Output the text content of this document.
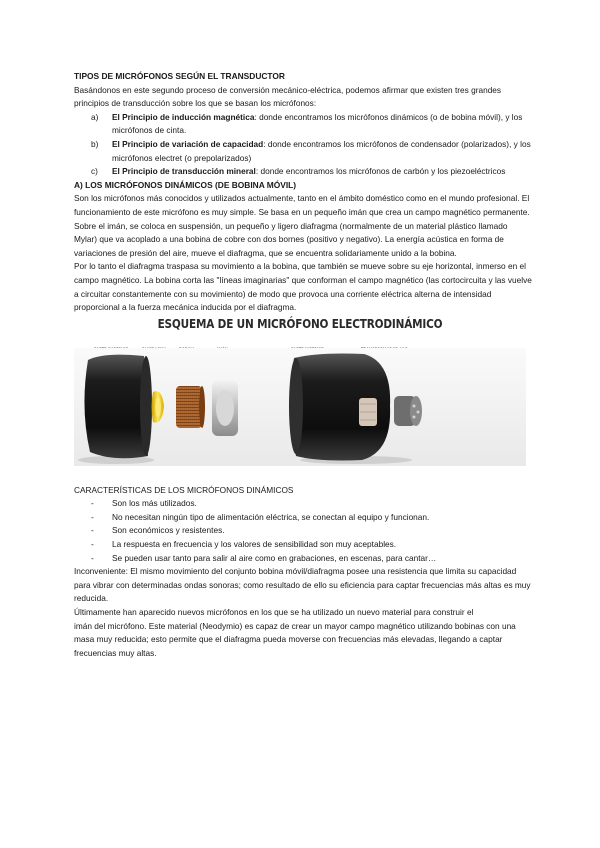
TIPOS DE MICRÓFONOS SEGÚN EL TRANSDUCTOR

Basándonos en este segundo proceso de conversión mecánico-eléctrica, podemos afirmar que existen tres grandes principios de transducción sobre los que se basan los micrófonos:

a) El Principio de inducción magnética: donde encontramos los micrófonos dinámicos (o de bobina móvil), y los micrófonos de cinta.
b) El Principio de variación de capacidad: donde encontramos los micrófonos de condensador (polarizados), y los micrófonos electret (o prepolarizados)
c) El Principio de transducción mineral: donde encontramos los micrófonos de carbón y los piezoeléctricos

A) LOS MICRÓFONOS DINÁMICOS (DE BOBINA MÓVIL)

Son los micrófonos más conocidos y utilizados actualmente, tanto en el ámbito doméstico como en el mundo profesional. El funcionamiento de este micrófono es muy simple. Se basa en un pequeño imán que crea un campo magnético permanente. Sobre el imán, se coloca en suspensión, un pequeño y ligero diafragma (normalmente de un material plástico llamado Mylar) que va acoplado a una bobina de cobre con dos bornes (positivo y negativo). La energía acústica en forma de variaciones de presión del aire, mueve el diafragma, que se encuentra solidariamente unido a la bobina.

Por lo tanto el diafragma traspasa su movimiento a la bobina, que también se mueve sobre su eje horizontal, inmerso en el campo magnético. La bobina corta las "líneas imaginarias" que conforman el campo magnético (las cortocircuita y las vuelve a circuitar constantemente con su movimiento) de modo que provoca una corriente eléctrica alterna de intensidad proporcional a la fuerza mecánica inducida por el diafragma.

ESQUEMA DE UN MICRÓFONO ELECTRODINÁMICO

CARACTERÍSTICAS DE LOS MICRÓFONOS DINÁMICOS

- Son los más utilizados.
- No necesitan ningún tipo de alimentación eléctrica, se conectan al equipo y funcionan.
- Son económicos y resistentes.
- La respuesta en frecuencia y los valores de sensibilidad son muy aceptables.
- Se pueden usar tanto para salir al aire como en grabaciones, en escenas, para cantar…

Inconveniente: El mismo movimiento del conjunto bobina móvil/diafragma posee una resistencia que limita su capacidad para vibrar con determinadas ondas sonoras; como resultado de ello su eficiencia para captar frecuencias más altas es muy reducida.

Últimamente han aparecido nuevos micrófonos en los que se ha utilizado un nuevo material para construir el

imán del micrófono. Este material (Neodymio) es capaz de crear un mayor campo magnético utilizando bobinas con una masa muy reducida; esto permite que el diafragma pueda moverse con frecuencias más elevadas, llegando a captar frecuencias muy altas.
